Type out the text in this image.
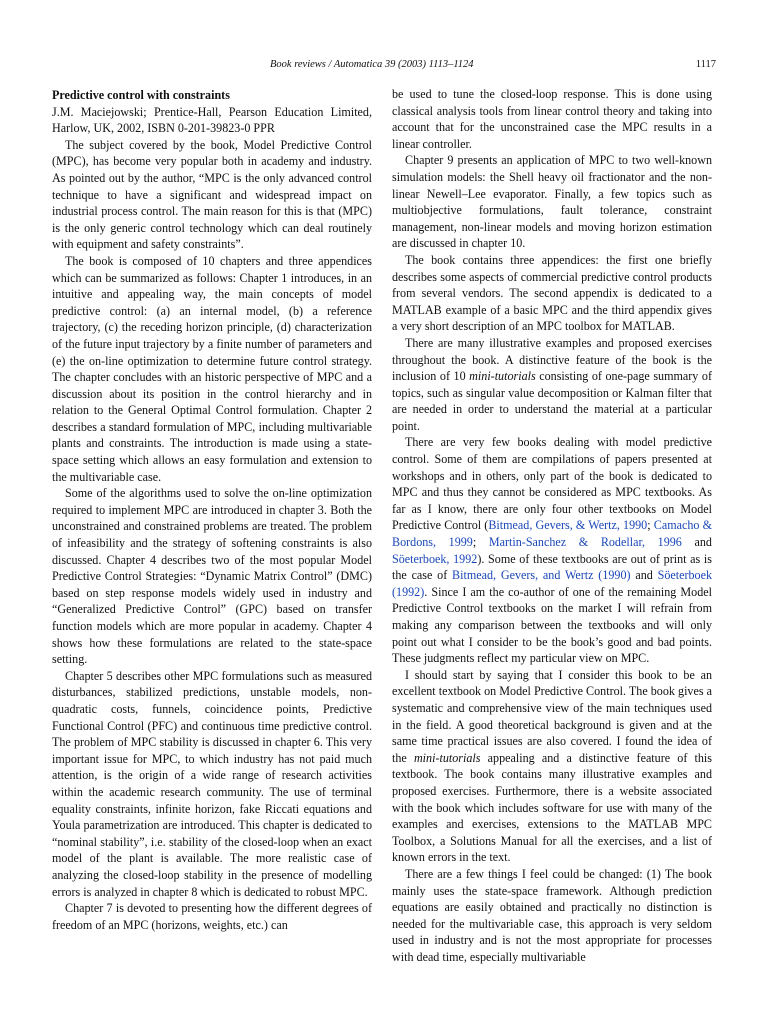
Book reviews / Automatica 39 (2003) 1113–1124	1117

Predictive control with constraints

J.M. Maciejowski; Prentice-Hall, Pearson Education Limited, Harlow, UK, 2002, ISBN 0-201-39823-0 PPR

The subject covered by the book, Model Predictive Control (MPC), has become very popular both in academy and industry. As pointed out by the author, “MPC is the only advanced control technique to have a significant and widespread impact on industrial process control. The main reason for this is that (MPC) is the only generic control technology which can deal routinely with equipment and safety constraints”.

The book is composed of 10 chapters and three appendices which can be summarized as follows: Chapter 1 introduces, in an intuitive and appealing way, the main concepts of model predictive control: (a) an internal model, (b) a reference trajectory, (c) the receding horizon principle, (d) characterization of the future input trajectory by a finite number of parameters and (e) the on-line optimization to determine future control strategy. The chapter concludes with an historic perspective of MPC and a discussion about its position in the control hierarchy and in relation to the General Optimal Control formulation. Chapter 2 describes a standard formulation of MPC, including multivariable plants and constraints. The introduction is made using a state-space setting which allows an easy formulation and extension to the multivariable case.

Some of the algorithms used to solve the on-line optimization required to implement MPC are introduced in chapter 3. Both the unconstrained and constrained problems are treated. The problem of infeasibility and the strategy of softening constraints is also discussed. Chapter 4 describes two of the most popular Model Predictive Control Strategies: “Dynamic Matrix Control” (DMC) based on step response models widely used in industry and “Generalized Predictive Control” (GPC) based on transfer function models which are more popular in academy. Chapter 4 shows how these formulations are related to the state-space setting.

Chapter 5 describes other MPC formulations such as measured disturbances, stabilized predictions, unstable models, non-quadratic costs, funnels, coincidence points, Predictive Functional Control (PFC) and continuous time predictive control. The problem of MPC stability is discussed in chapter 6. This very important issue for MPC, to which industry has not paid much attention, is the origin of a wide range of research activities within the academic research community. The use of terminal equality constraints, infinite horizon, fake Riccati equations and Youla parametrization are introduced. This chapter is dedicated to “nominal stability”, i.e. stability of the closed-loop when an exact model of the plant is available. The more realistic case of analyzing the closed-loop stability in the presence of modelling errors is analyzed in chapter 8 which is dedicated to robust MPC.

Chapter 7 is devoted to presenting how the different degrees of freedom of an MPC (horizons, weights, etc.) can

be used to tune the closed-loop response. This is done using classical analysis tools from linear control theory and taking into account that for the unconstrained case the MPC results in a linear controller.

Chapter 9 presents an application of MPC to two well-known simulation models: the Shell heavy oil fractionator and the non-linear Newell–Lee evaporator. Finally, a few topics such as multiobjective formulations, fault tolerance, constraint management, non-linear models and moving horizon estimation are discussed in chapter 10.

The book contains three appendices: the first one briefly describes some aspects of commercial predictive control products from several vendors. The second appendix is dedicated to a MATLAB example of a basic MPC and the third appendix gives a very short description of an MPC toolbox for MATLAB.

There are many illustrative examples and proposed exercises throughout the book. A distinctive feature of the book is the inclusion of 10 mini-tutorials consisting of one-page summary of topics, such as singular value decomposition or Kalman filter that are needed in order to understand the material at a particular point.

There are very few books dealing with model predictive control. Some of them are compilations of papers presented at workshops and in others, only part of the book is dedicated to MPC and thus they cannot be considered as MPC textbooks. As far as I know, there are only four other textbooks on Model Predictive Control (Bitmead, Gevers, & Wertz, 1990; Camacho & Bordons, 1999; Martin-Sanchez & Rodellar, 1996 and Söeterboek, 1992). Some of these textbooks are out of print as is the case of Bitmead, Gevers, and Wertz (1990) and Söeterboek (1992). Since I am the co-author of one of the remaining Model Predictive Control textbooks on the market I will refrain from making any comparison between the textbooks and will only point out what I consider to be the book’s good and bad points. These judgments reflect my particular view on MPC.

I should start by saying that I consider this book to be an excellent textbook on Model Predictive Control. The book gives a systematic and comprehensive view of the main techniques used in the field. A good theoretical background is given and at the same time practical issues are also covered. I found the idea of the mini-tutorials appealing and a distinctive feature of this textbook. The book contains many illustrative examples and proposed exercises. Furthermore, there is a website associated with the book which includes software for use with many of the examples and exercises, extensions to the MATLAB MPC Toolbox, a Solutions Manual for all the exercises, and a list of known errors in the text.

There are a few things I feel could be changed: (1) The book mainly uses the state-space framework. Although prediction equations are easily obtained and practically no distinction is needed for the multivariable case, this approach is very seldom used in industry and is not the most appropriate for processes with dead time, especially multivariable
